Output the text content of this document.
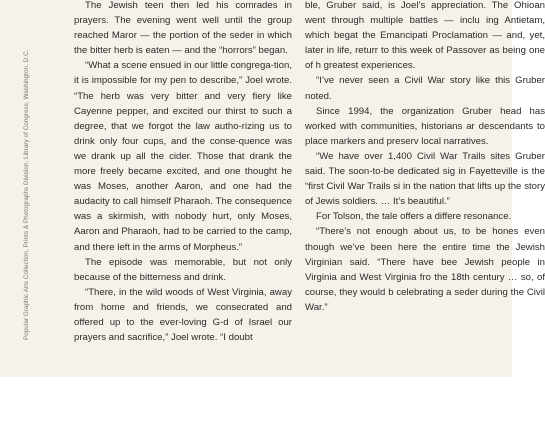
Popular Graphic Arts Collection, Prints & Photographs Division, Library of Congress, Washington, D.C.

The Jewish teen then led his comrades in prayers. The evening went well until the group reached Maror — the portion of the seder in which the bitter herb is eaten — and the “horrors” began.

“What a scene ensued in our little congrega-tion, it is impossible for my pen to describe,” Joel wrote. “The herb was very bitter and very fiery like Cayenne pepper, and excited our thirst to such a degree, that we forgot the law autho-rizing us to drink only four cups, and the conse-quence was we drank up all the cider. Those that drank the more freely became excited, and one thought he was Moses, another Aaron, and one had the audacity to call himself Pharaoh. The consequence was a skirmish, with nobody hurt, only Moses, Aaron and Pharaoh, had to be carried to the camp, and there left in the arms of Morpheus.”

The episode was memorable, but not only because of the bitterness and drink.

“There, in the wild woods of West Virginia, away from home and friends, we consecrated and offered up to the ever-loving G-d of Israel our prayers and sacrifice,” Joel wrote. “I doubt

ble, Gruber said, is Joel’s appreciation. The Ohioan went through multiple battles — inclu ing Antietam, which begat the Emancipati Proclamation — and, yet, later in life, returr to this week of Passover as being one of h greatest experiences.

“I’ve never seen a Civil War story like this Gruber noted.

Since 1994, the organization Gruber head has worked with communities, historians ar descendants to place markers and preserv local narratives.

“We have over 1,400 Civil War Trails sites Gruber said. The soon-to-be dedicated sig in Fayetteville is the “first Civil War Trails si in the nation that lifts up the story of Jewis soldiers. … It’s beautiful.”

For Tolson, the tale offers a differe resonance.

“There’s not enough about us, to be hones even though we’ve been here the entire time the Jewish Virginian said. “There have bee Jewish people in Virginia and West Virginia fro the 18th century … so, of course, they would b celebrating a seder during the Civil War.”
